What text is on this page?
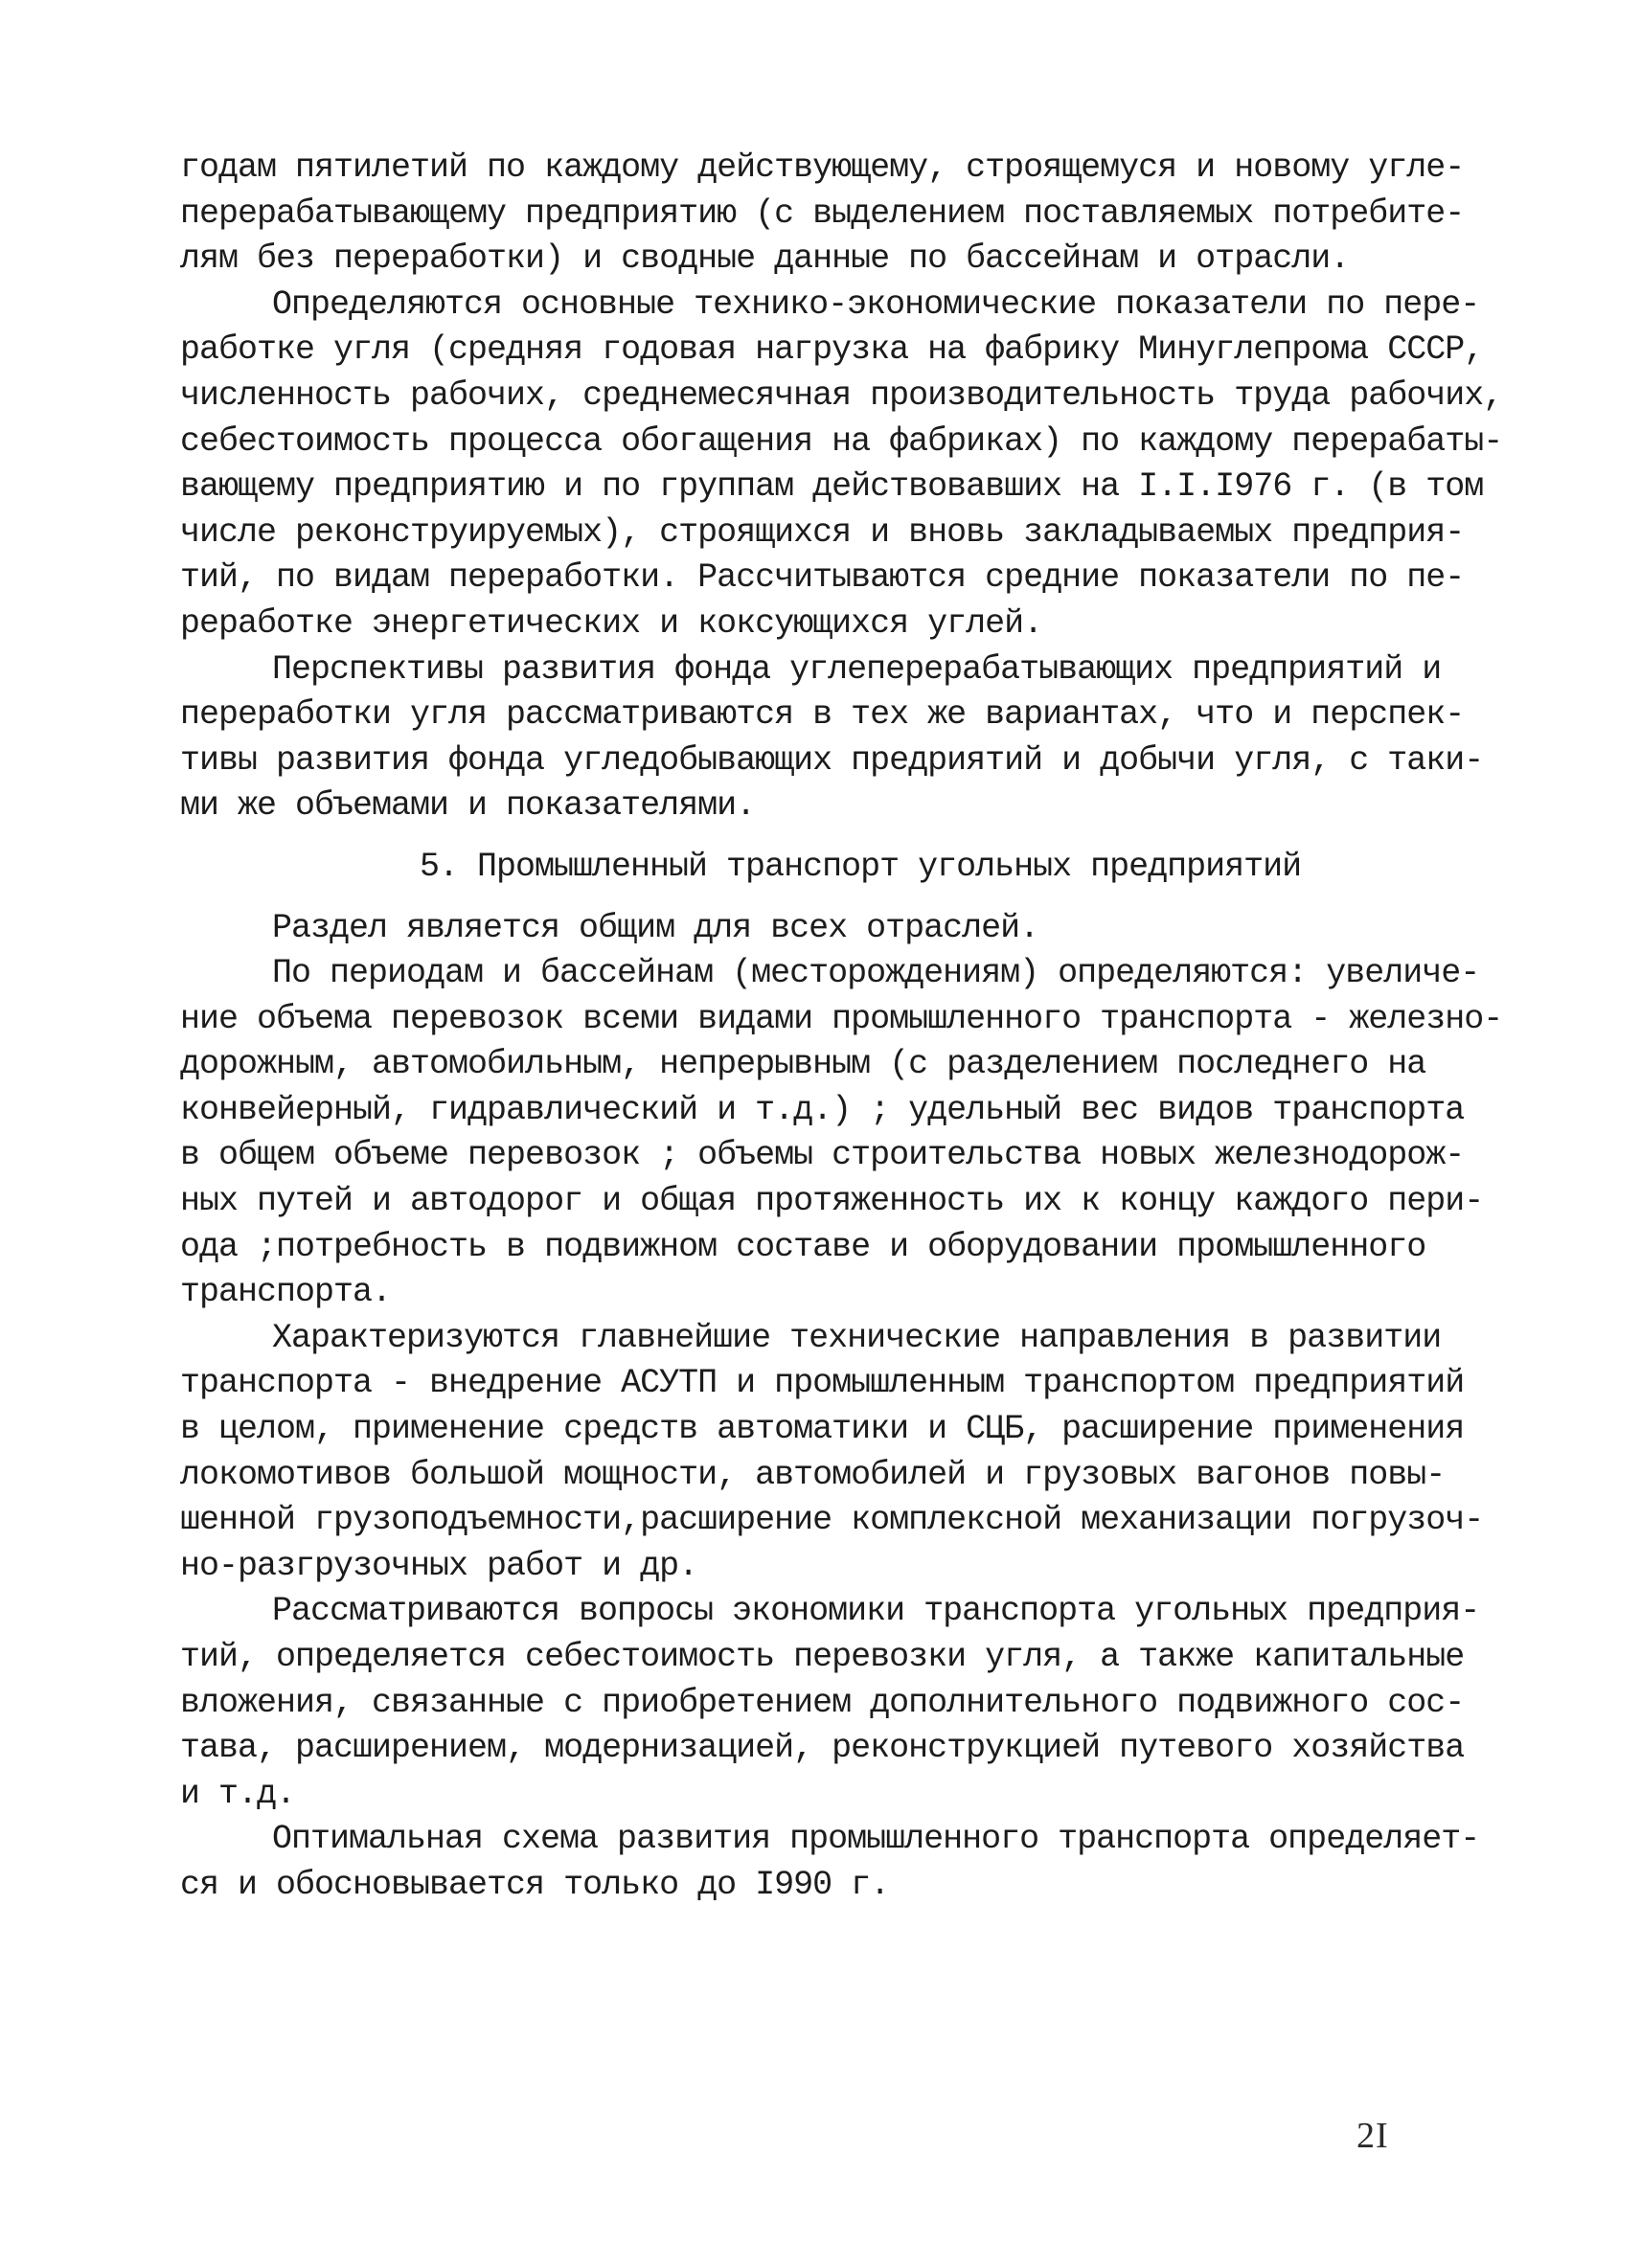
годам пятилетий по каждому действующему, строящемуся и новому угле-
перерабатывающему предприятию (с выделением поставляемых потребите-
лям без переработки) и сводные данные по бассейнам и отрасли.
Определяются основные технико-экономические показатели по пере-
работке угля (средняя годовая нагрузка на фабрику Минуглепрома СССР,
численность рабочих, среднемесячная производительность труда рабочих,
себестоимость процесса обогащения на фабриках) по каждому перерабаты-
вающему предприятию и по группам действовавших на I.I.I976 г. (в том
числе реконструируемых), строящихся и вновь закладываемых предприя-
тий, по видам переработки. Рассчитываются средние показатели по пе-
реработке энергетических и коксующихся углей.
Перспективы развития фонда углеперерабатывающих предприятий и
переработки угля рассматриваются в тех же вариантах, что и перспек-
тивы развития фонда угледобывающих предриятий и добычи угля, с таки-
ми же объемами и показателями.
5. Промышленный транспорт угольных предприятий
Раздел является общим для всех отраслей.
По периодам и бассейнам (месторождениям) определяются: увеличе-
ние объема перевозок всеми видами промышленного транспорта - железно-
дорожным, автомобильным, непрерывным (с разделением последнего на
конвейерный, гидравлический и т.д.) ; удельный вес видов транспорта
в общем объеме перевозок ; объемы строительства новых железнодорож-
ных путей и автодорог и общая протяженность их к концу каждого пери-
ода ;потребность в подвижном составе и оборудовании промышленного
транспорта.
Характеризуются главнейшие технические направления в развитии
транспорта - внедрение АСУТП и промышленным транспортом предприятий
в целом, применение средств автоматики и СЦБ, расширение применения
локомотивов большой мощности, автомобилей и грузовых вагонов повы-
шенной грузоподъемности,расширение комплексной механизации погрузоч-
но-разгрузочных работ и др.
Рассматриваются вопросы экономики транспорта угольных предприя-
тий, определяется себестоимость перевозки угля, а также капитальные
вложения, связанные с приобретением дополнительного подвижного сос-
тава, расширением, модернизацией, реконструкцией путевого хозяйства
и т.д.
Оптимальная схема развития промышленного транспорта определяет-
ся и обосновывается только до I990 г.
2I
